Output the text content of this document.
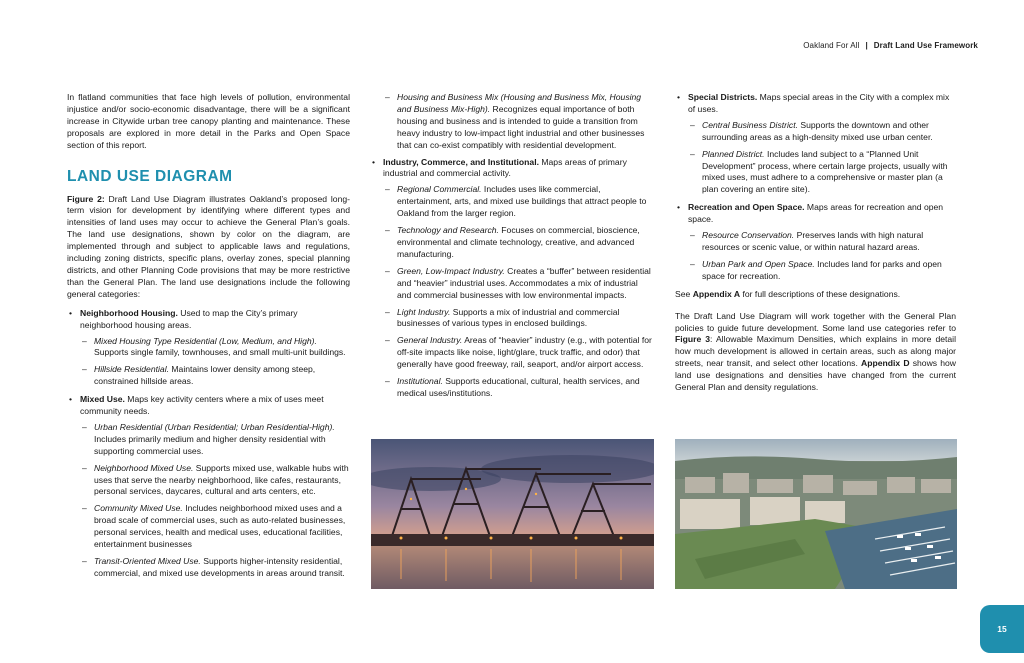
Oakland For All | Draft Land Use Framework

In flatland communities that face high levels of pollution, environmental injustice and/or socio-economic disadvantage, there will be a significant increase in Citywide urban tree canopy planting and maintenance. These proposals are explored in more detail in the Parks and Open Space section of this report.

LAND USE DIAGRAM

Figure 2: Draft Land Use Diagram illustrates Oakland’s proposed long-term vision for development by identifying where different types and intensities of land uses may occur to achieve the General Plan’s goals. The land use designations, shown by color on the diagram, are implemented through and subject to applicable laws and regulations, including zoning districts, specific plans, overlay zones, special planning districts, and other Planning Code provisions that may be more restrictive than the General Plan. The land use designations include the following general categories:

• Neighborhood Housing. Used to map the City’s primary neighborhood housing areas.
– Mixed Housing Type Residential (Low, Medium, and High). Supports single family, townhouses, and small multi-unit buildings.
– Hillside Residential. Maintains lower density among steep, constrained hillside areas.
• Mixed Use. Maps key activity centers where a mix of uses meet community needs.
– Urban Residential (Urban Residential; Urban Residential-High). Includes primarily medium and higher density residential with supporting commercial uses.
– Neighborhood Mixed Use. Supports mixed use, walkable hubs with uses that serve the nearby neighborhood, like cafes, restaurants, personal services, daycares, cultural and arts centers, etc.
– Community Mixed Use. Includes neighborhood mixed uses and a broad scale of commercial uses, such as auto-related businesses, personal services, health and medical uses, educational facilities, entertainment businesses
– Transit-Oriented Mixed Use. Supports higher-intensity residential, commercial, and mixed use developments in areas around transit.
– Housing and Business Mix (Housing and Business Mix, Housing and Business Mix-High). Recognizes equal importance of both housing and business and is intended to guide a transition from heavy industry to low-impact light industrial and other businesses that can co-exist compatibly with residential development.
• Industry, Commerce, and Institutional. Maps areas of primary industrial and commercial activity.
– Regional Commercial. Includes uses like commercial, entertainment, arts, and mixed use buildings that attract people to Oakland from the larger region.
– Technology and Research. Focuses on commercial, bioscience, environmental and climate technology, creative, and advanced manufacturing.
– Green, Low-Impact Industry. Creates a “buffer” between residential and “heavier” industrial uses. Accommodates a mix of industrial and commercial businesses with low environmental impacts.
– Light Industry. Supports a mix of industrial and commercial businesses of various types in enclosed buildings.
– General Industry. Areas of “heavier” industry (e.g., with potential for off-site impacts like noise, light/glare, truck traffic, and odor) that generally have good freeway, rail, seaport, and/or airport access.
– Institutional. Supports educational, cultural, health services, and medical uses/institutions.
• Special Districts. Maps special areas in the City with a complex mix of uses.
– Central Business District. Supports the downtown and other surrounding areas as a high-density mixed use urban center.
– Planned District. Includes land subject to a “Planned Unit Development” process, where certain large projects, usually with mixed uses, must adhere to a comprehensive or master plan (a plan covering an entire site).
• Recreation and Open Space. Maps areas for recreation and open space.
– Resource Conservation. Preserves lands with high natural resources or scenic value, or within natural hazard areas.
– Urban Park and Open Space. Includes land for parks and open space for recreation.

See Appendix A for full descriptions of these designations.

The Draft Land Use Diagram will work together with the General Plan policies to guide future development. Some land use categories refer to Figure 3: Allowable Maximum Densities, which explains in more detail how much development is allowed in certain areas, such as along major streets, near transit, and select other locations. Appendix D shows how land use designations and densities have changed from the current General Plan and density regulations.

15
